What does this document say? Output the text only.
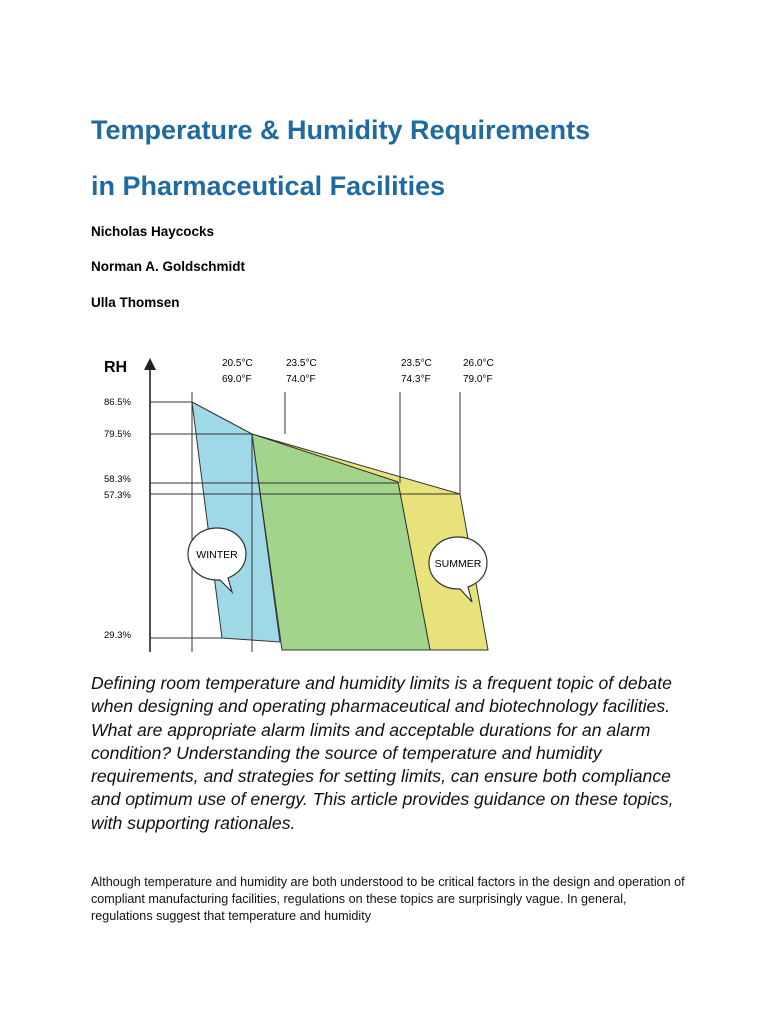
Temperature & Humidity Requirements
in Pharmaceutical Facilities

Nicholas Haycocks

Norman A. Goldschmidt

Ulla Thomsen

RH
86.5%
79.5%
58.3%
57.3%
29.3%
20.5°C
69.0°F
23.5°C
74.0°F
23.5°C
74.3°F
26.0°C
79.0°F
WINTER
SUMMER

Defining room temperature and humidity limits is a frequent topic of debate when designing and operating pharmaceutical and biotechnology facilities. What are appropriate alarm limits and acceptable durations for an alarm condition? Understanding the source of temperature and humidity requirements, and strategies for setting limits, can ensure both compliance and optimum use of energy. This article provides guidance on these topics, with supporting rationales.

Although temperature and humidity are both understood to be critical factors in the design and operation of compliant manufacturing facilities, regulations on these topics are surprisingly vague. In general, regulations suggest that temperature and humidity
